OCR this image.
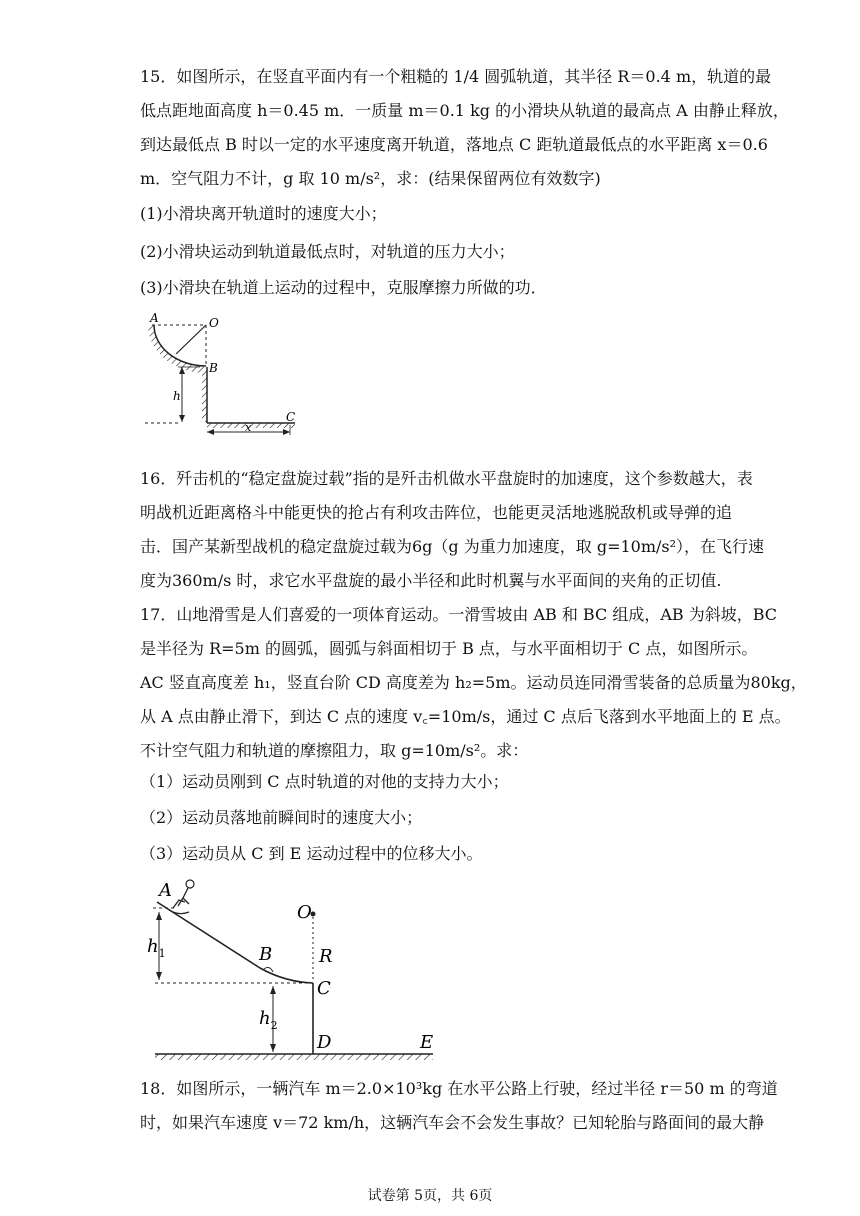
15．如图所示，在竖直平面内有一个粗糙的 1/4 圆弧轨道，其半径 R＝0.4 m，轨道的最
低点距地面高度 h＝0.45 m．一质量 m＝0.1 kg 的小滑块从轨道的最高点 A 由静止释放，
到达最低点 B 时以一定的水平速度离开轨道，落地点 C 距轨道最低点的水平距离 x＝0.6
m．空气阻力不计，g 取 10 m/s²，求：(结果保留两位有效数字)
(1)小滑块离开轨道时的速度大小；
(2)小滑块运动到轨道最低点时，对轨道的压力大小；
(3)小滑块在轨道上运动的过程中，克服摩擦力所做的功．
A	O
B
h
C
x
16．歼击机的“稳定盘旋过载”指的是歼击机做水平盘旋时的加速度，这个参数越大，表
明战机近距离格斗中能更快的抢占有利攻击阵位，也能更灵活地逃脱敌机或导弹的追
击．国产某新型战机的稳定盘旋过载为6g（g 为重力加速度，取 g=10m/s²），在飞行速
度为360m/s 时，求它水平盘旋的最小半径和此时机翼与水平面间的夹角的正切值.
17．山地滑雪是人们喜爱的一项体育运动。一滑雪坡由 AB 和 BC 组成，AB 为斜坡，BC
是半径为 R=5m 的圆弧，圆弧与斜面相切于 B 点，与水平面相切于 C 点，如图所示。
AC 竖直高度差 h₁，竖直台阶 CD 高度差为 h₂=5m。运动员连同滑雪装备的总质量为80kg，
从 A 点由静止滑下，到达 C 点的速度 v꜀=10m/s，通过 C 点后飞落到水平地面上的 E 点。
不计空气阻力和轨道的摩擦阻力，取 g=10m/s²。求：
（1）运动员刚到 C 点时轨道的对他的支持力大小；
（2）运动员落地前瞬间时的速度大小；
（3）运动员从 C 到 E 运动过程中的位移大小。
A
O
B	R
$h_1$
C
$h_2$
D	E
18．如图所示，一辆汽车 m＝2.0×10³kg 在水平公路上行驶，经过半径 r＝50 m 的弯道
时，如果汽车速度 v＝72 km/h，这辆汽车会不会发生事故？已知轮胎与路面间的最大静
试卷第 5页，共 6页
